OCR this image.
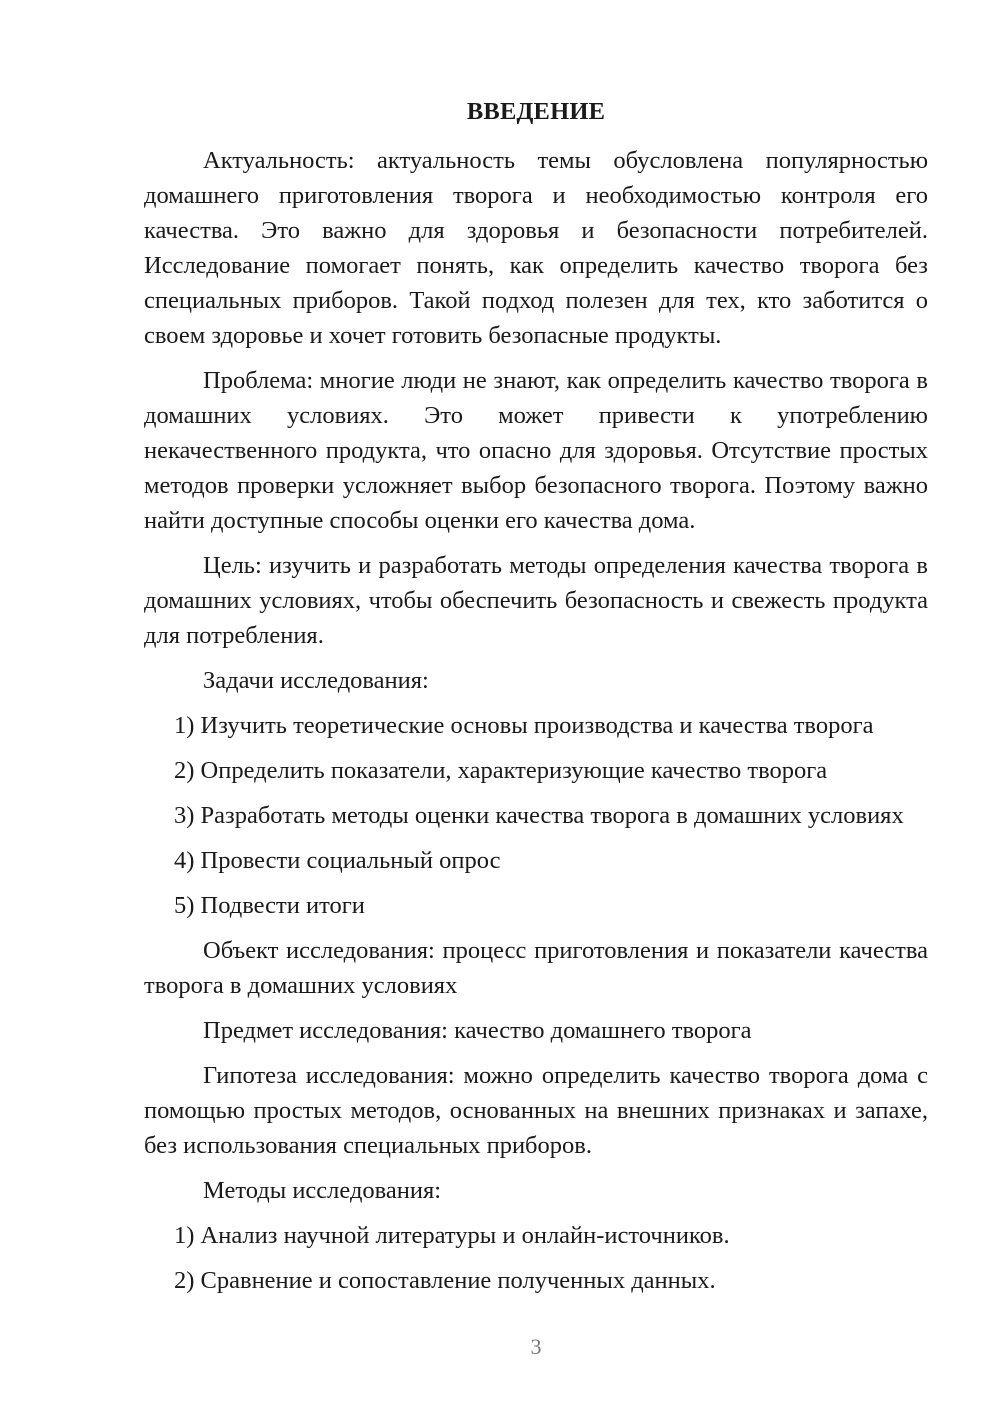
ВВЕДЕНИЕ

Актуальность: актуальность темы обусловлена популярностью домашнего приготовления творога и необходимостью контроля его качества. Это важно для здоровья и безопасности потребителей. Исследование помогает понять, как определить качество творога без специальных приборов. Такой подход полезен для тех, кто заботится о своем здоровье и хочет готовить безопасные продукты.

Проблема: многие люди не знают, как определить качество творога в домашних условиях. Это может привести к употреблению некачественного продукта, что опасно для здоровья. Отсутствие простых методов проверки усложняет выбор безопасного творога. Поэтому важно найти доступные способы оценки его качества дома.

Цель: изучить и разработать методы определения качества творога в домашних условиях, чтобы обеспечить безопасность и свежесть продукта для потребления.

Задачи исследования:

1) Изучить теоретические основы производства и качества творога
2) Определить показатели, характеризующие качество творога
3) Разработать методы оценки качества творога в домашних условиях
4) Провести социальный опрос
5) Подвести итоги

Объект исследования: процесс приготовления и показатели качества творога в домашних условиях

Предмет исследования: качество домашнего творога

Гипотеза исследования: можно определить качество творога дома с помощью простых методов, основанных на внешних признаках и запахе, без использования специальных приборов.

Методы исследования:

1) Анализ научной литературы и онлайн-источников.
2) Сравнение и сопоставление полученных данных.
3
